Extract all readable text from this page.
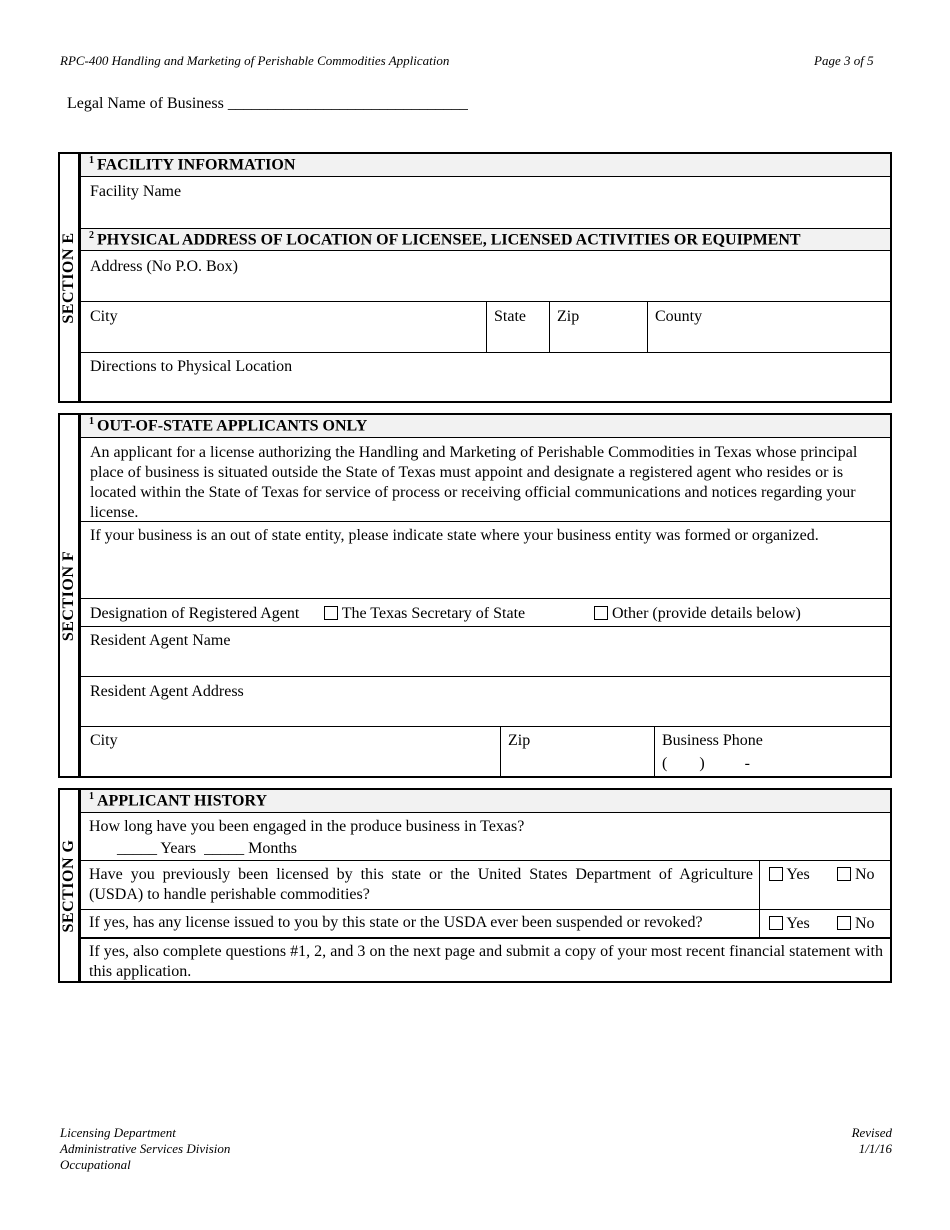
RPC-400 Handling and Marketing of Perishable Commodities Application	Page 3 of 5
Legal Name of Business ______________________________
SECTION E
$^1$ FACILITY INFORMATION
Facility Name
$^2$ PHYSICAL ADDRESS OF LOCATION OF LICENSEE, LICENSED ACTIVITIES OR EQUIPMENT
Address (No P.O. Box)
City	State Zip	County
Directions to Physical Location
SECTION F
$^1$ OUT-OF-STATE APPLICANTS ONLY
An applicant for a license authorizing the Handling and Marketing of Perishable Commodities in Texas whose principal place of business is situated outside the State of Texas must appoint and designate a registered agent who resides or is located within the State of Texas for service of process or receiving official communications and notices regarding your license.
If your business is an out of state entity, please indicate state where your business entity was formed or organized.
Designation of Registered Agent	The Texas Secretary of State	Other (provide details below)
Resident Agent Name
Resident Agent Address
City	Zip	Business Phone
(        )          -
SECTION G
$^1$ APPLICANT HISTORY
How long have you been engaged in the produce business in Texas?
_____ Years  _____ Months
Have you previously been licensed by this state or the United States Department of Agriculture (USDA) to handle perishable commodities?
Yes	No
If yes, has any license issued to you by this state or the USDA ever been suspended or revoked?	Yes	No
If yes, also complete questions #1, 2, and 3 on the next page and submit a copy of your most recent financial statement with this application.
Licensing Department
Administrative Services Division
Occupational
Revised
1/1/16
